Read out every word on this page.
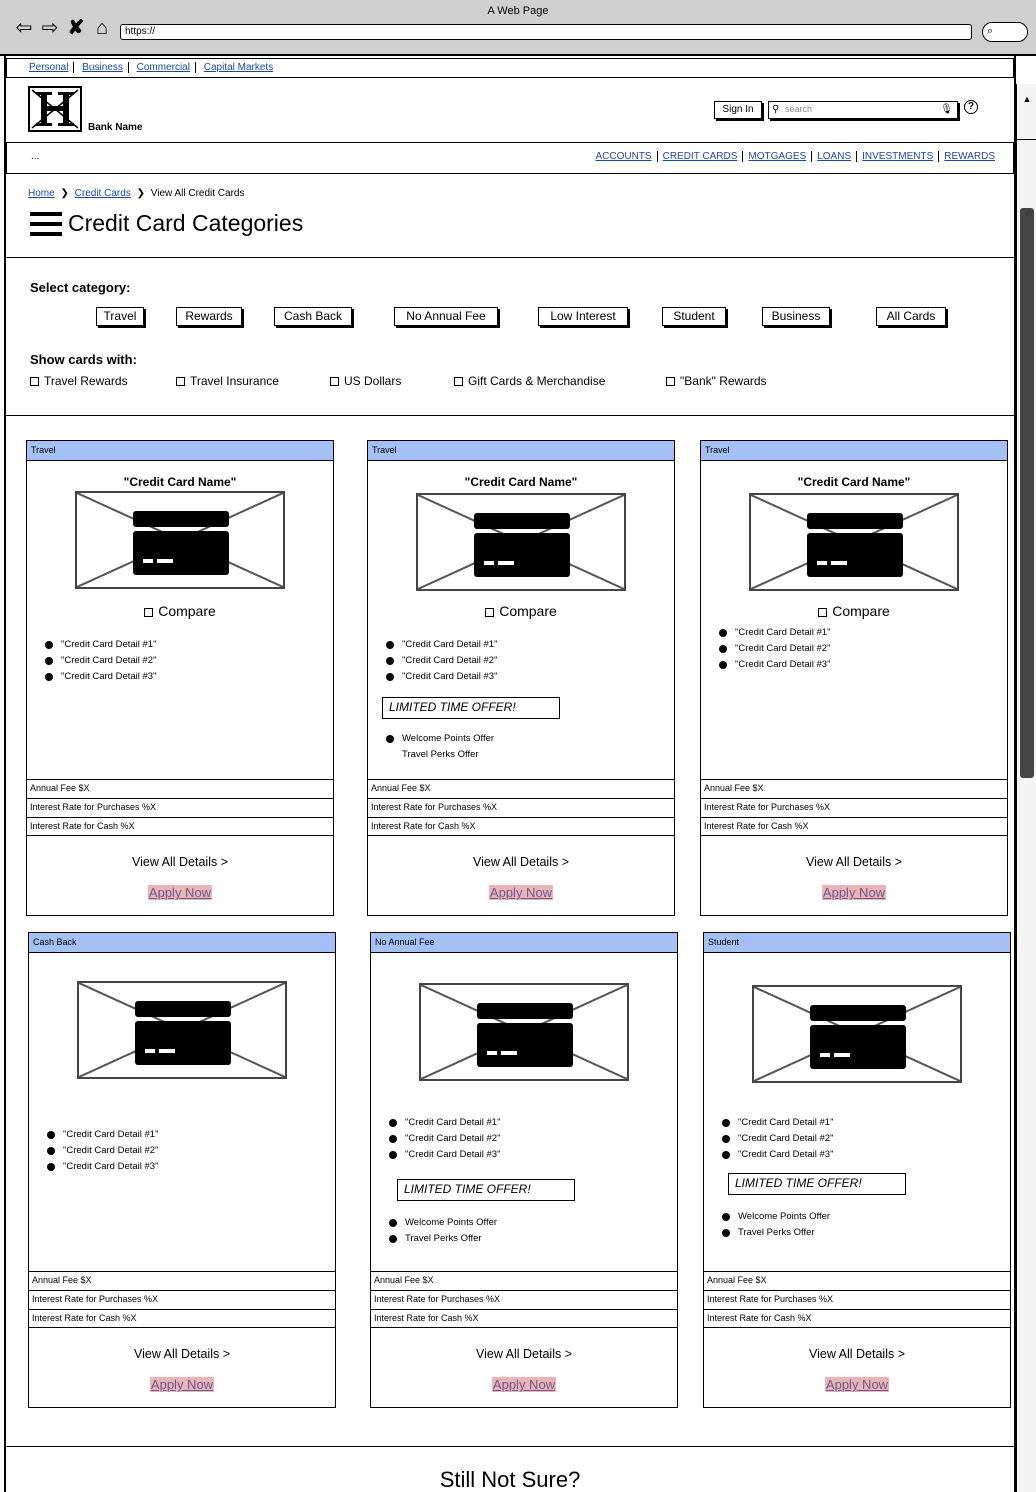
A Web Page
⇦ ⇨ ✘ ⌂	https://	⌕
▲
Personal Business Commercial Capital Markets
Bank Name
Sign In	⚲ search	🎙	?
...	ACCOUNTS CREDIT CARDS MOTGAGES LOANS INVESTMENTS REWARDS
Home ❯ Credit Cards ❯ View All Credit Cards
Credit Card Categories
Select category:
Travel	Rewards	Cash Back	No Annual Fee	Low Interest	Student	Business	All Cards
Show cards with:
Travel Rewards	Travel Insurance	US Dollars	Gift Cards & Merchandise	"Bank" Rewards
Travel
"Credit Card Name"
Compare
"Credit Card Detail #1"
"Credit Card Detail #2"
"Credit Card Detail #3"
Annual Fee $X
Interest Rate for Purchases %X
Interest Rate for Cash %X
View All Details >
Apply Now
Travel
"Credit Card Name"
Compare
"Credit Card Detail #1"
"Credit Card Detail #2"
"Credit Card Detail #3"
LIMITED TIME OFFER!
Welcome Points Offer
Travel Perks Offer
Annual Fee $X
Interest Rate for Purchases %X
Interest Rate for Cash %X
View All Details >
Apply Now
Travel
"Credit Card Name"
Compare
"Credit Card Detail #1"
"Credit Card Detail #2"
"Credit Card Detail #3"
Annual Fee $X
Interest Rate for Purchases %X
Interest Rate for Cash %X
View All Details >
Apply Now
Cash Back
"Credit Card Detail #1"
"Credit Card Detail #2"
"Credit Card Detail #3"
Annual Fee $X
Interest Rate for Purchases %X
Interest Rate for Cash %X
View All Details >
Apply Now
No Annual Fee
"Credit Card Detail #1"
"Credit Card Detail #2"
"Credit Card Detail #3"
LIMITED TIME OFFER!
Welcome Points Offer
Travel Perks Offer
Annual Fee $X
Interest Rate for Purchases %X
Interest Rate for Cash %X
View All Details >
Apply Now
Student
"Credit Card Detail #1"
"Credit Card Detail #2"
"Credit Card Detail #3"
LIMITED TIME OFFER!
Welcome Points Offer
Travel Perks Offer
Annual Fee $X
Interest Rate for Purchases %X
Interest Rate for Cash %X
View All Details >
Apply Now
Still Not Sure?
